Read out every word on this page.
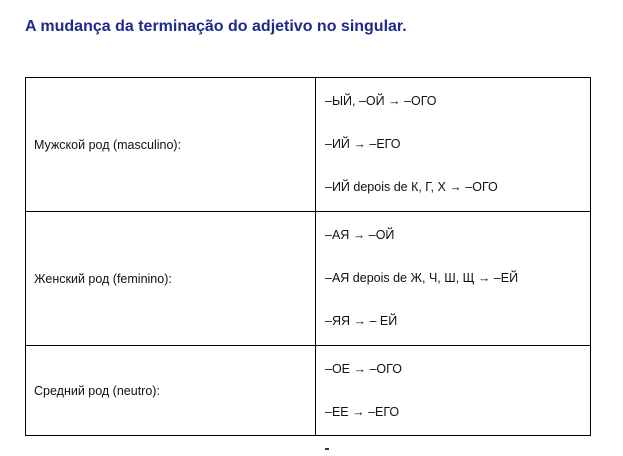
A mudança da terminação do adjetivo no singular.
Мужской род (masculino):	–ЫЙ, –ОЙ → –ОГО
–ИЙ → –ЕГО
–ИЙ depois de К, Г, Х → –ОГО

Женский род (feminino):	–АЯ → –ОЙ
–АЯ depois de Ж, Ч, Ш, Щ → –ЕЙ
–ЯЯ → – ЕЙ

Средний род (neutro):	–ОЕ → –ОГО
–ЕЕ → –ЕГО
